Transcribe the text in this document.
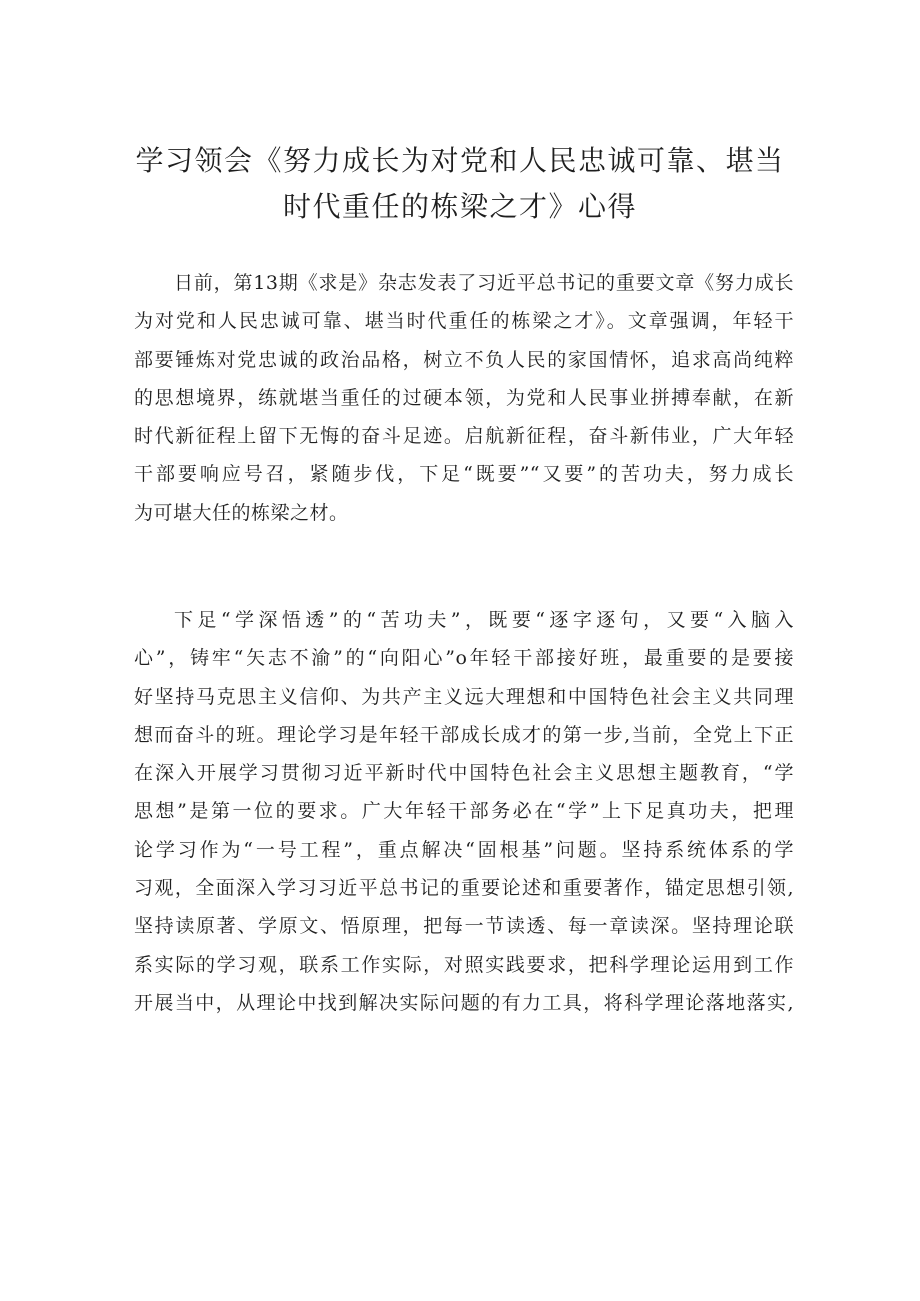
学习领会《努力成长为对党和人民忠诚可靠、堪当
时代重任的栋梁之才》心得
日前，第13期《求是》杂志发表了习近平总书记的重要文章《努力成长
为对党和人民忠诚可靠、堪当时代重任的栋梁之才》。文章强调，年轻干
部要锤炼对党忠诚的政治品格，树立不负人民的家国情怀，追求高尚纯粹
的思想境界，练就堪当重任的过硬本领，为党和人民事业拼搏奉献，在新
时代新征程上留下无悔的奋斗足迹。启航新征程，奋斗新伟业，广大年轻
干部要响应号召，紧随步伐，下足“既要”“又要”的苦功夫，努力成长
为可堪大任的栋梁之材。
下足“学深悟透”的“苦功夫”，既要“逐字逐句，又要“入脑入
心”，铸牢“矢志不渝”的“向阳心”o年轻干部接好班，最重要的是要接
好坚持马克思主义信仰、为共产主义远大理想和中国特色社会主义共同理
想而奋斗的班。理论学习是年轻干部成长成才的第一步,当前，全党上下正
在深入开展学习贯彻习近平新时代中国特色社会主义思想主题教育，“学
思想”是第一位的要求。广大年轻干部务必在“学”上下足真功夫，把理
论学习作为“一号工程”，重点解决“固根基”问题。坚持系统体系的学
习观，全面深入学习习近平总书记的重要论述和重要著作，锚定思想引领,
坚持读原著、学原文、悟原理，把每一节读透、每一章读深。坚持理论联
系实际的学习观，联系工作实际，对照实践要求，把科学理论运用到工作
开展当中，从理论中找到解决实际问题的有力工具，将科学理论落地落实,
